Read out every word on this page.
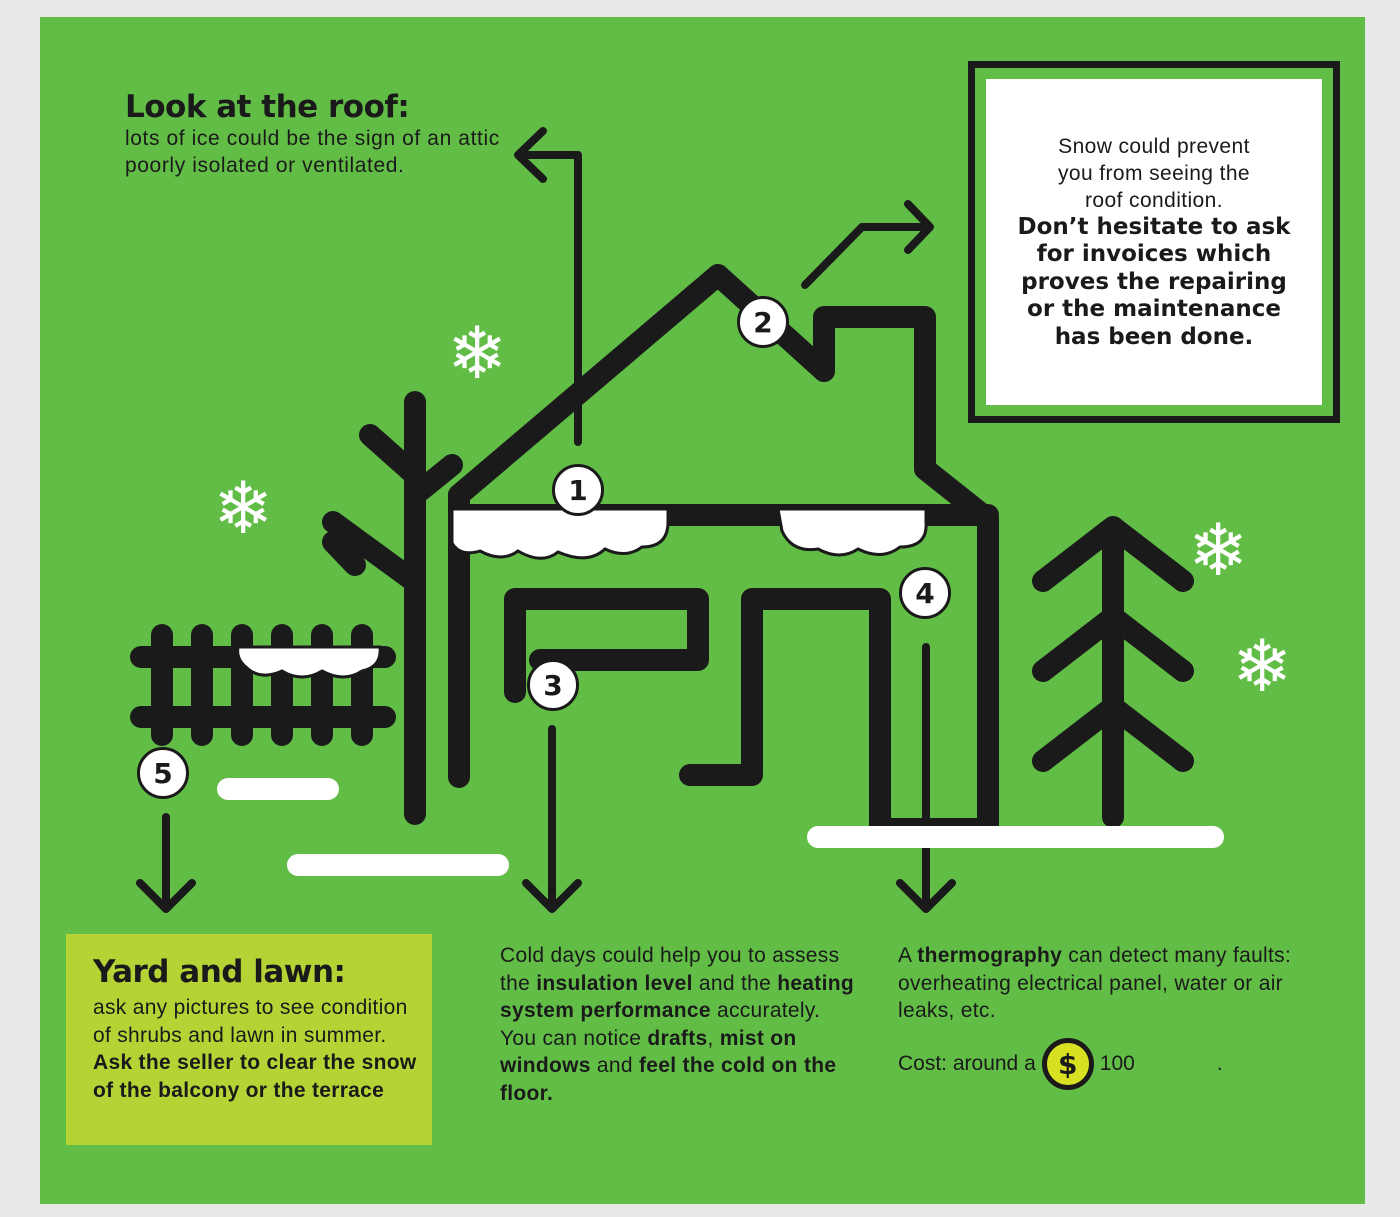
❄
❄	❄
❄
1
2
3
4
5
Look at the roof:
lots of ice could be the sign of an attic poorly isolated or ventilated.
Snow could prevent you from seeing the roof condition.
Don’t hesitate to ask for invoices which proves the repairing or the maintenance has been done.
Yard and lawn:
ask any pictures to see condition of shrubs and lawn in summer. Ask the seller to clear the snow of the balcony or the terrace
Cold days could help you to assess the insulation level and the heating system performance accurately. You can notice drafts, mist on windows and feel the cold on the floor.
A thermography can detect many faults: overheating electrical panel, water or air leaks, etc.
Cost: around a $	100	.
